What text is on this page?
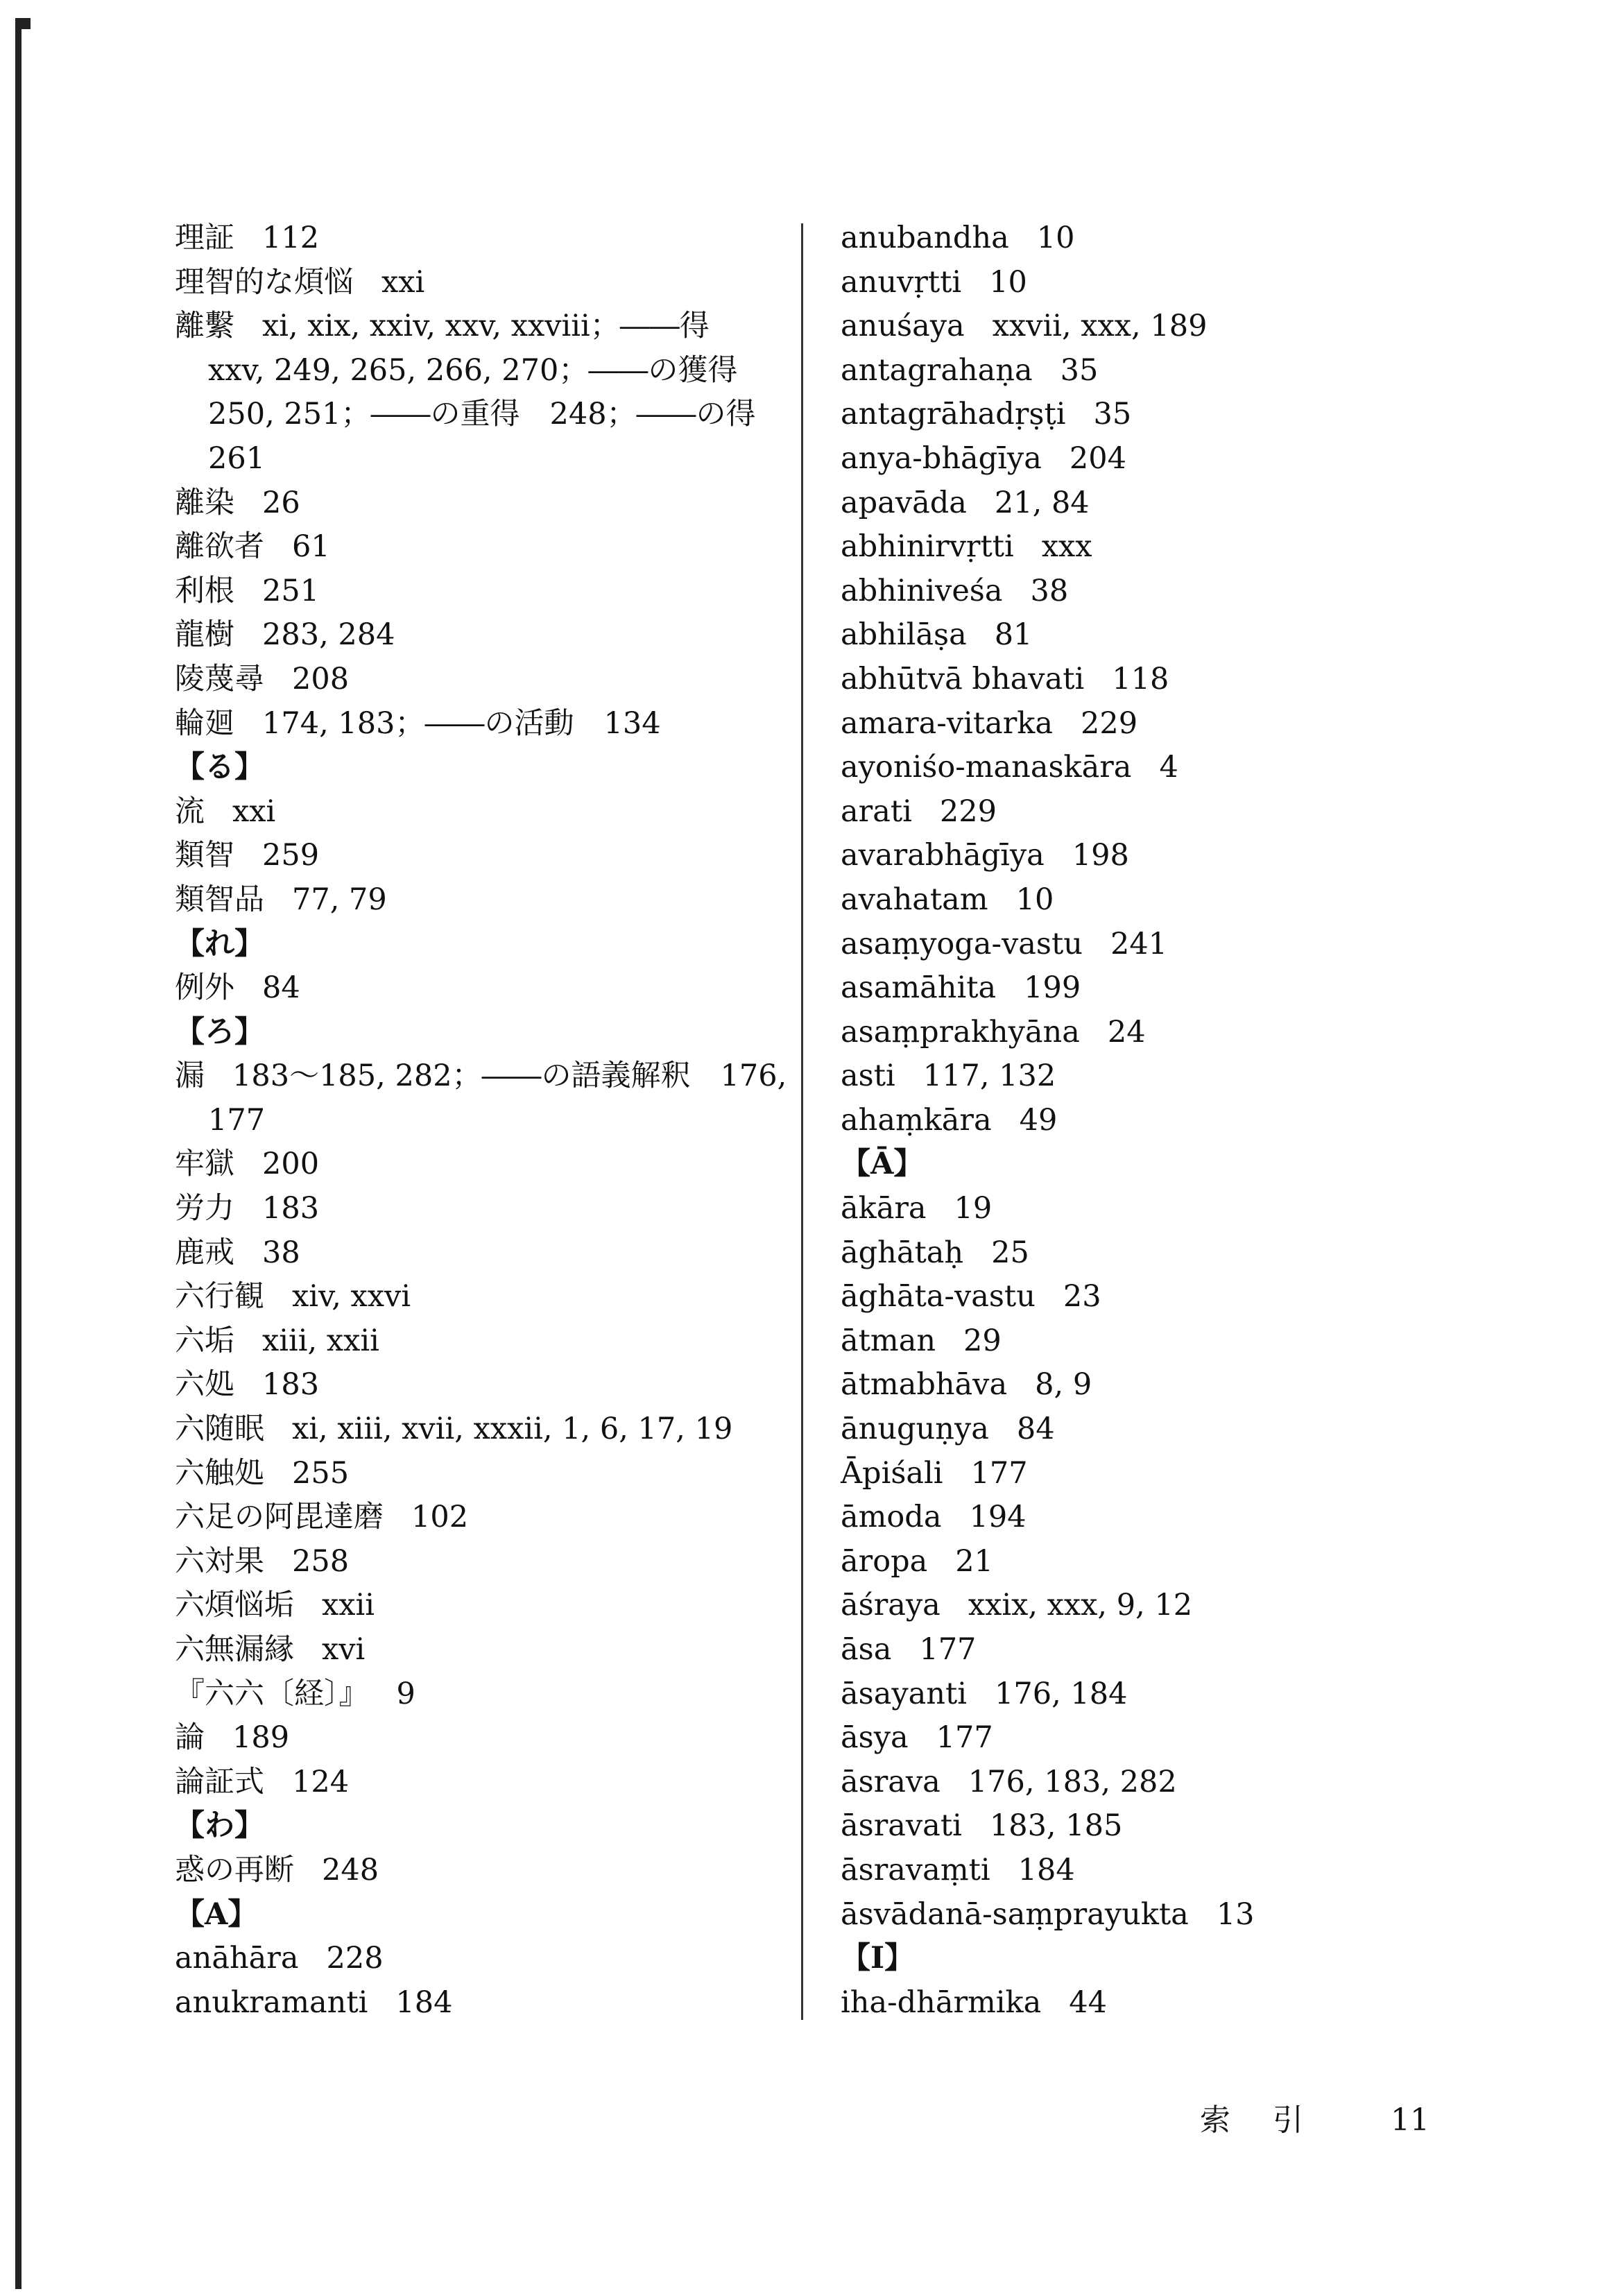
理証 112
理智的な煩悩 xxi
離繫 xi, xix, xxiv, xxv, xxviii；――得
xxv, 249, 265, 266, 270；――の獲得
250, 251；――の重得　248；――の得
261
離染 26
離欲者 61
利根 251
龍樹 283, 284
陵蔑尋 208
輪廻 174, 183；――の活動　134
【る】
流 xxi
類智 259
類智品 77, 79
【れ】
例外 84
【ろ】
漏 183～185, 282；――の語義解釈　176,
177
牢獄 200
労力 183
鹿戒 38
六行観 xiv, xxvi
六垢 xiii, xxii
六処 183
六随眠 xi, xiii, xvii, xxxii, 1, 6, 17, 19
六触処 255
六足の阿毘達磨 102
六対果 258
六煩悩垢 xxii
六無漏縁 xvi
『六六〔経〕』 9
論 189
論証式 124
【わ】
惑の再断 248
【A】
anāhāra 228
anukramanti 184
anubandha 10
anuvṛtti 10
anuśaya xxvii, xxx, 189
antagrahaṇa 35
antagrāhadṛṣṭi 35
anya-bhāgīya 204
apavāda 21, 84
abhinirvṛtti xxx
abhiniveśa 38
abhilāṣa 81
abhūtvā bhavati 118
amara-vitarka 229
ayoniśo-manaskāra 4
arati 229
avarabhāgīya 198
avahatam 10
asaṃyoga-vastu 241
asamāhita 199
asaṃprakhyāna 24
asti 117, 132
ahaṃkāra 49
【Ā】
ākāra 19
āghātaḥ 25
āghāta-vastu 23
ātman 29
ātmabhāva 8, 9
ānuguṇya 84
Āpiśali 177
āmoda 194
āropa 21
āśraya xxix, xxx, 9, 12
āsa 177
āsayanti 176, 184
āsya 177
āsrava 176, 183, 282
āsravati 183, 185
āsravaṃti 184
āsvādanā-saṃprayukta 13
【I】
iha-dhārmika 44
索 引	11
